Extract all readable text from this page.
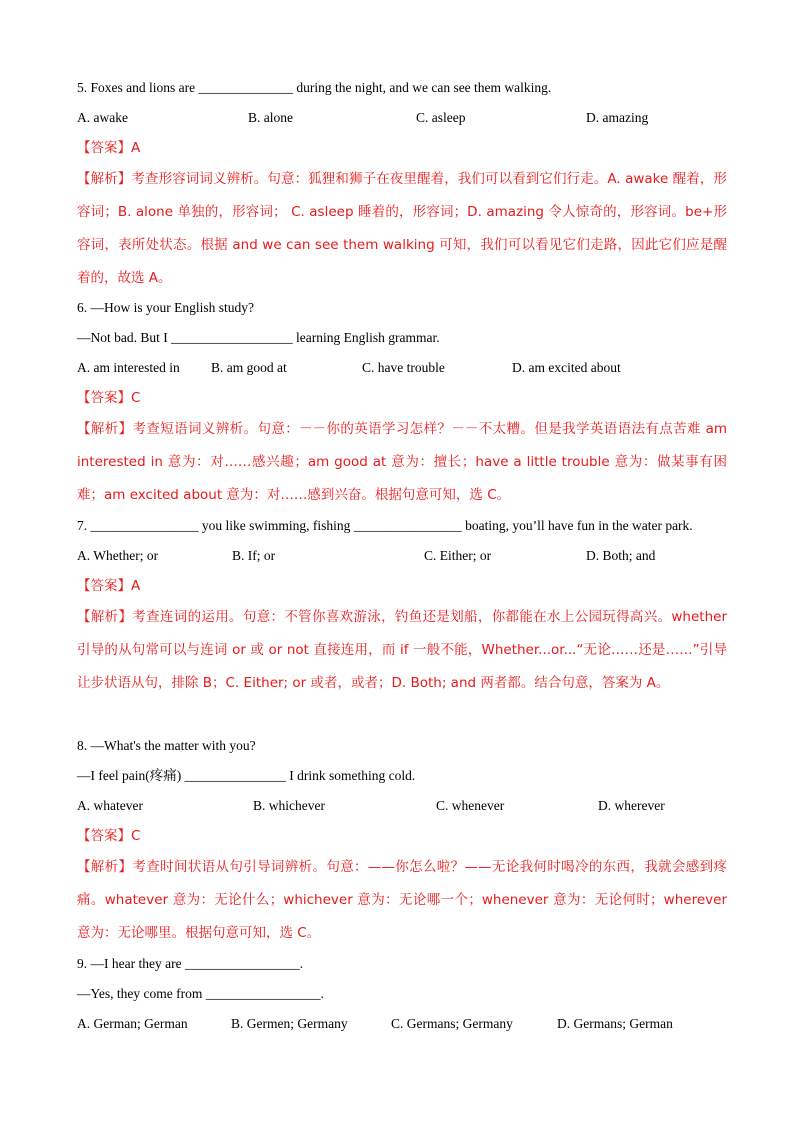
5. Foxes and lions are ______________ during the night, and we can see them walking.
A. awake	B. alone	C. asleep	D. amazing
【答案】A
【解析】考查形容词词义辨析。句意：狐狸和狮子在夜里醒着，我们可以看到它们行走。A. awake 醒着，形容词；B. alone 单独的，形容词； C. asleep 睡着的，形容词；D. amazing 令人惊奇的，形容词。be+形容词，表所处状态。根据 and we can see them walking 可知，我们可以看见它们走路，因此它们应是醒着的，故选 A。
6. —How is your English study?
—Not bad. But I __________________ learning English grammar.
A. am interested in B. am good at	C. have trouble	D. am excited about
【答案】C
【解析】考查短语词义辨析。句意：－－你的英语学习怎样？－－不太糟。但是我学英语语法有点苦难 am interested in 意为：对……感兴趣；am good at 意为：擅长；have a little trouble 意为：做某事有困难；am excited about 意为：对……感到兴奋。根据句意可知，选 C。
7. ________________ you like swimming, fishing ________________ boating, you’ll have fun in the water park.
A. Whether; or	B. If; or	C. Either; or	D. Both; and
【答案】A
【解析】考查连词的运用。句意：不管你喜欢游泳，钓鱼还是划船，你都能在水上公园玩得高兴。whether 引导的从句常可以与连词 or 或 or not 直接连用，而 if 一般不能，Whether...or...“无论……还是……”引导让步状语从句，排除 B；C. Either; or 或者，或者；D. Both; and 两者都。结合句意，答案为 A。
8. —What's the matter with you?
—I feel pain(疼痛) _______________ I drink something cold.
A. whatever	B. whichever	C. whenever	D. wherever
【答案】C
【解析】考查时间状语从句引导词辨析。句意：——你怎么啦？——无论我何时喝冷的东西，我就会感到疼痛。whatever 意为：无论什么；whichever 意为：无论哪一个；whenever 意为：无论何时；wherever 意为：无论哪里。根据句意可知，选 C。
9. —I hear they are _________________.
—Yes, they come from _________________.
A. German; German	B. Germen; Germany	C. Germans; Germany	D. Germans; German
